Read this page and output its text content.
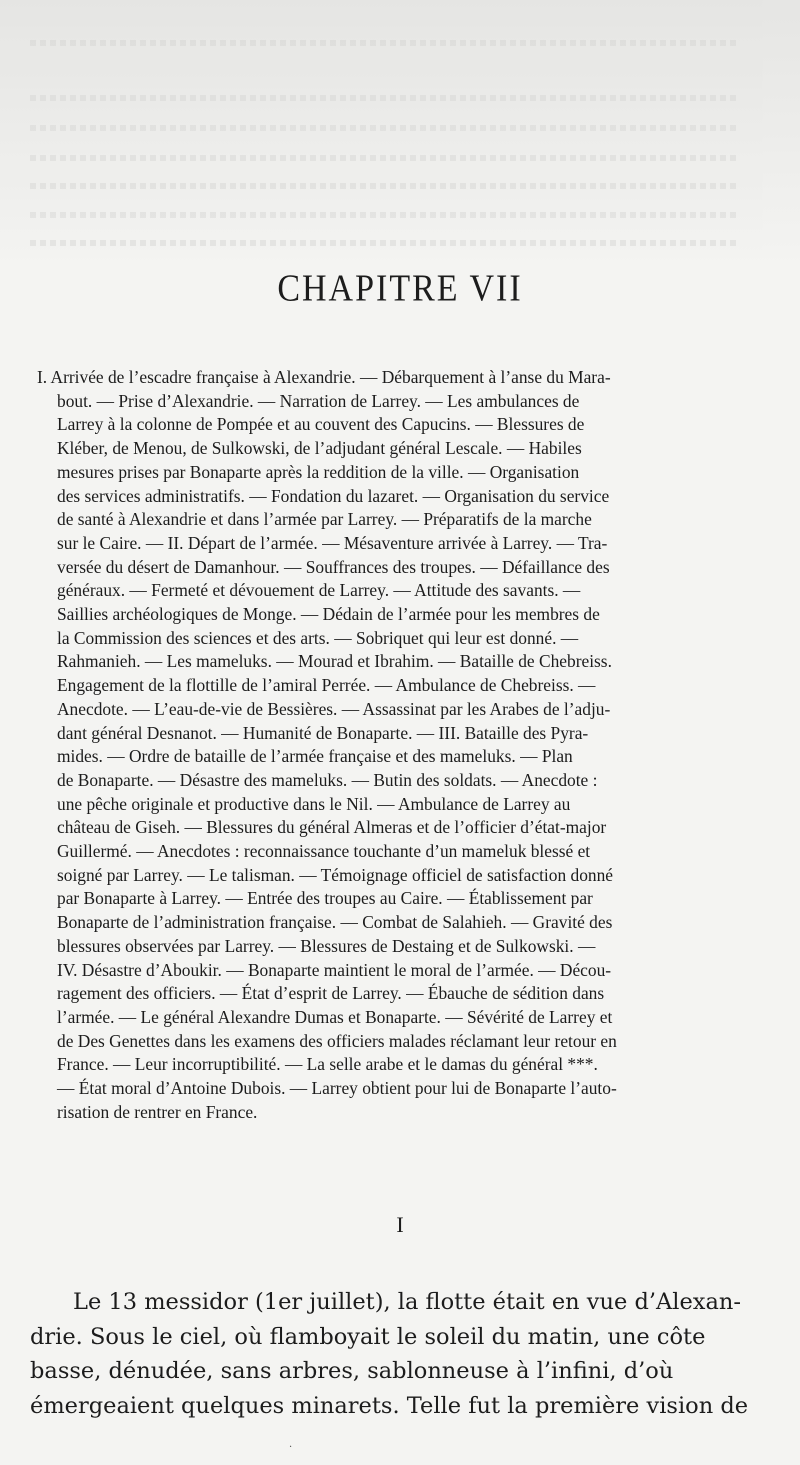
CHAPITRE VII
I. Arrivée de l’escadre française à Alexandrie. — Débarquement à l’anse du Mara-
bout. — Prise d’Alexandrie. — Narration de Larrey. — Les ambulances de
Larrey à la colonne de Pompée et au couvent des Capucins. — Blessures de
Kléber, de Menou, de Sulkowski, de l’adjudant général Lescale. — Habiles
mesures prises par Bonaparte après la reddition de la ville. — Organisation
des services administratifs. — Fondation du lazaret. — Organisation du service
de santé à Alexandrie et dans l’armée par Larrey. — Préparatifs de la marche
sur le Caire. — II. Départ de l’armée. — Mésaventure arrivée à Larrey. — Tra-
versée du désert de Damanhour. — Souffrances des troupes. — Défaillance des
généraux. — Fermeté et dévouement de Larrey. — Attitude des savants. —
Saillies archéologiques de Monge. — Dédain de l’armée pour les membres de
la Commission des sciences et des arts. — Sobriquet qui leur est donné. —
Rahmanieh. — Les mameluks. — Mourad et Ibrahim. — Bataille de Chebreiss.
Engagement de la flottille de l’amiral Perrée. — Ambulance de Chebreiss. —
Anecdote. — L’eau-de-vie de Bessières. — Assassinat par les Arabes de l’adju-
dant général Desnanot. — Humanité de Bonaparte. — III. Bataille des Pyra-
mides. — Ordre de bataille de l’armée française et des mameluks. — Plan
de Bonaparte. — Désastre des mameluks. — Butin des soldats. — Anecdote :
une pêche originale et productive dans le Nil. — Ambulance de Larrey au
château de Giseh. — Blessures du général Almeras et de l’officier d’état-major
Guillermé. — Anecdotes : reconnaissance touchante d’un mameluk blessé et
soigné par Larrey. — Le talisman. — Témoignage officiel de satisfaction donné
par Bonaparte à Larrey. — Entrée des troupes au Caire. — Établissement par
Bonaparte de l’administration française. — Combat de Salahieh. — Gravité des
blessures observées par Larrey. — Blessures de Destaing et de Sulkowski. —
IV. Désastre d’Aboukir. — Bonaparte maintient le moral de l’armée. — Décou-
ragement des officiers. — État d’esprit de Larrey. — Ébauche de sédition dans
l’armée. — Le général Alexandre Dumas et Bonaparte. — Sévérité de Larrey et
de Des Genettes dans les examens des officiers malades réclamant leur retour en
France. — Leur incorruptibilité. — La selle arabe et le damas du général ***.
— État moral d’Antoine Dubois. — Larrey obtient pour lui de Bonaparte l’auto-
risation de rentrer en France.
I
Le 13 messidor (1er juillet), la flotte était en vue d’Alexan-
drie. Sous le ciel, où flamboyait le soleil du matin, une côte
basse, dénudée, sans arbres, sablonneuse à l’infini, d’où
émergeaient quelques minarets. Telle fut la première vision de
·
